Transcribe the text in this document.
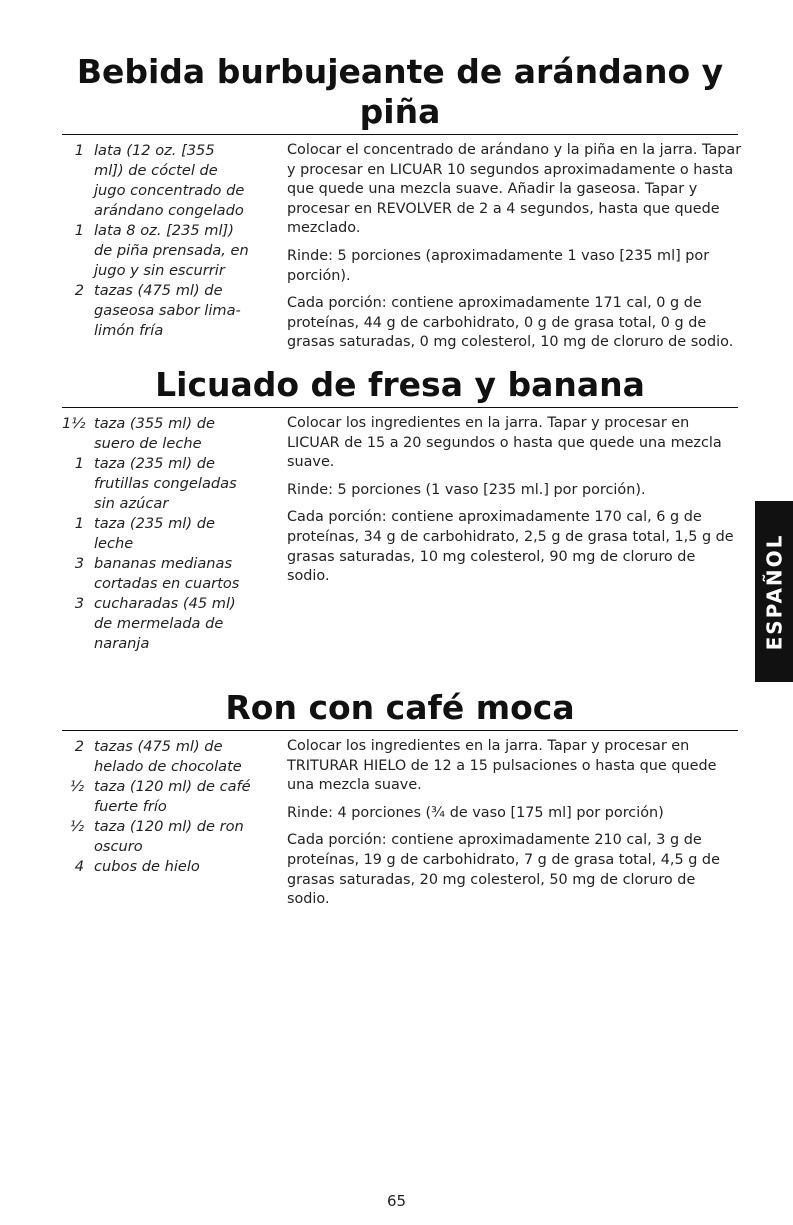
Bebida burbujeante de arándano y piña
1 lata (12 oz. [355
ml]) de cóctel de
jugo concentrado de
arándano congelado
1 lata 8 oz. [235 ml])
de piña prensada, en
jugo y sin escurrir
2 tazas (475 ml) de
gaseosa sabor lima-
limón fría

Colocar el concentrado de arándano y la piña en la jarra. Tapar y procesar en LICUAR 10 segundos aproximadamente o hasta que quede una mezcla suave. Añadir la gaseosa. Tapar y procesar en REVOLVER de 2 a 4 segundos, hasta que quede mezclado.

Rinde: 5 porciones (aproximadamente 1 vaso [235 ml] por porción).

Cada porción: contiene aproximadamente 171 cal, 0 g de proteínas, 44 g de carbohidrato, 0 g de grasa total, 0 g de grasas saturadas, 0 mg colesterol, 10 mg de cloruro de sodio.

Licuado de fresa y banana
1½ taza (355 ml) de
suero de leche
1 taza (235 ml) de
frutillas congeladas
sin azúcar
1 taza (235 ml) de
leche
3 bananas medianas
cortadas en cuartos
3 cucharadas (45 ml)
de mermelada de
naranja

Colocar los ingredientes en la jarra. Tapar y procesar en LICUAR de 15 a 20 segundos o hasta que quede una mezcla suave.

Rinde: 5 porciones (1 vaso [235 ml.] por porción).

Cada porción: contiene aproximadamente 170 cal, 6 g de proteínas, 34 g de carbohidrato, 2,5 g de grasa total, 1,5 g de grasas saturadas, 10 mg colesterol, 90 mg de cloruro de sodio.

Ron con café moca
2 tazas (475 ml) de
helado de chocolate
½ taza (120 ml) de café
fuerte frío
½ taza (120 ml) de ron
oscuro
4 cubos de hielo

Colocar los ingredientes en la jarra. Tapar y procesar en TRITURAR HIELO de 12 a 15 pulsaciones o hasta que quede una mezcla suave.

Rinde: 4 porciones (¾ de vaso [175 ml] por porción)

Cada porción: contiene aproximadamente 210 cal, 3 g de proteínas, 19 g de carbohidrato, 7 g de grasa total, 4,5 g de grasas saturadas, 20 mg colesterol, 50 mg de cloruro de sodio.

ESPAÑOL
65
